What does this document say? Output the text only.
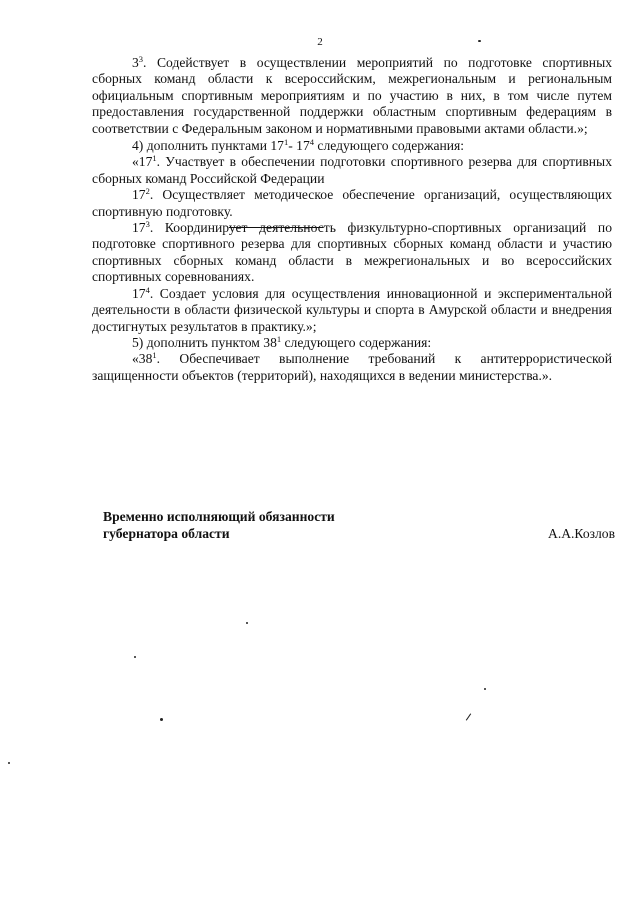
2

$3^3$. Содействует в осуществлении мероприятий по подготовке спортивных сборных команд области к всероссийским, межрегиональным и региональным официальным спортивным мероприятиям и по участию в них, в том числе путем предоставления государственной поддержки областным спортивным федерациям в соответствии с Федеральным законом и нормативными правовыми актами области.»;

4) дополнить пунктами $17^1-$ $17^4$ следующего содержания:

«$17^1$. Участвует в обеспечении подготовки спортивного резерва для спортивных сборных команд Российской Федерации

$17^2$. Осуществляет методическое обеспечение организаций, осуществляющих спортивную подготовку.

$17^3$. Координирует деятельность физкультурно-спортивных организаций по подготовке спортивного резерва для спортивных сборных команд области и участию спортивных сборных команд области в межрегиональных и во всероссийских спортивных соревнованиях.

$17^4$. Создает условия для осуществления инновационной и экспериментальной деятельности в области физической культуры и спорта в Амурской области и внедрения достигнутых результатов в практику.»;

5) дополнить пунктом $38^1$ следующего содержания:

«$38^1$. Обеспечивает выполнение требований к антитеррористической защищенности объектов (территорий), находящихся в ведении министерства.».

Временно исполняющий обязанности
губернатора области	А.А.Козлов
